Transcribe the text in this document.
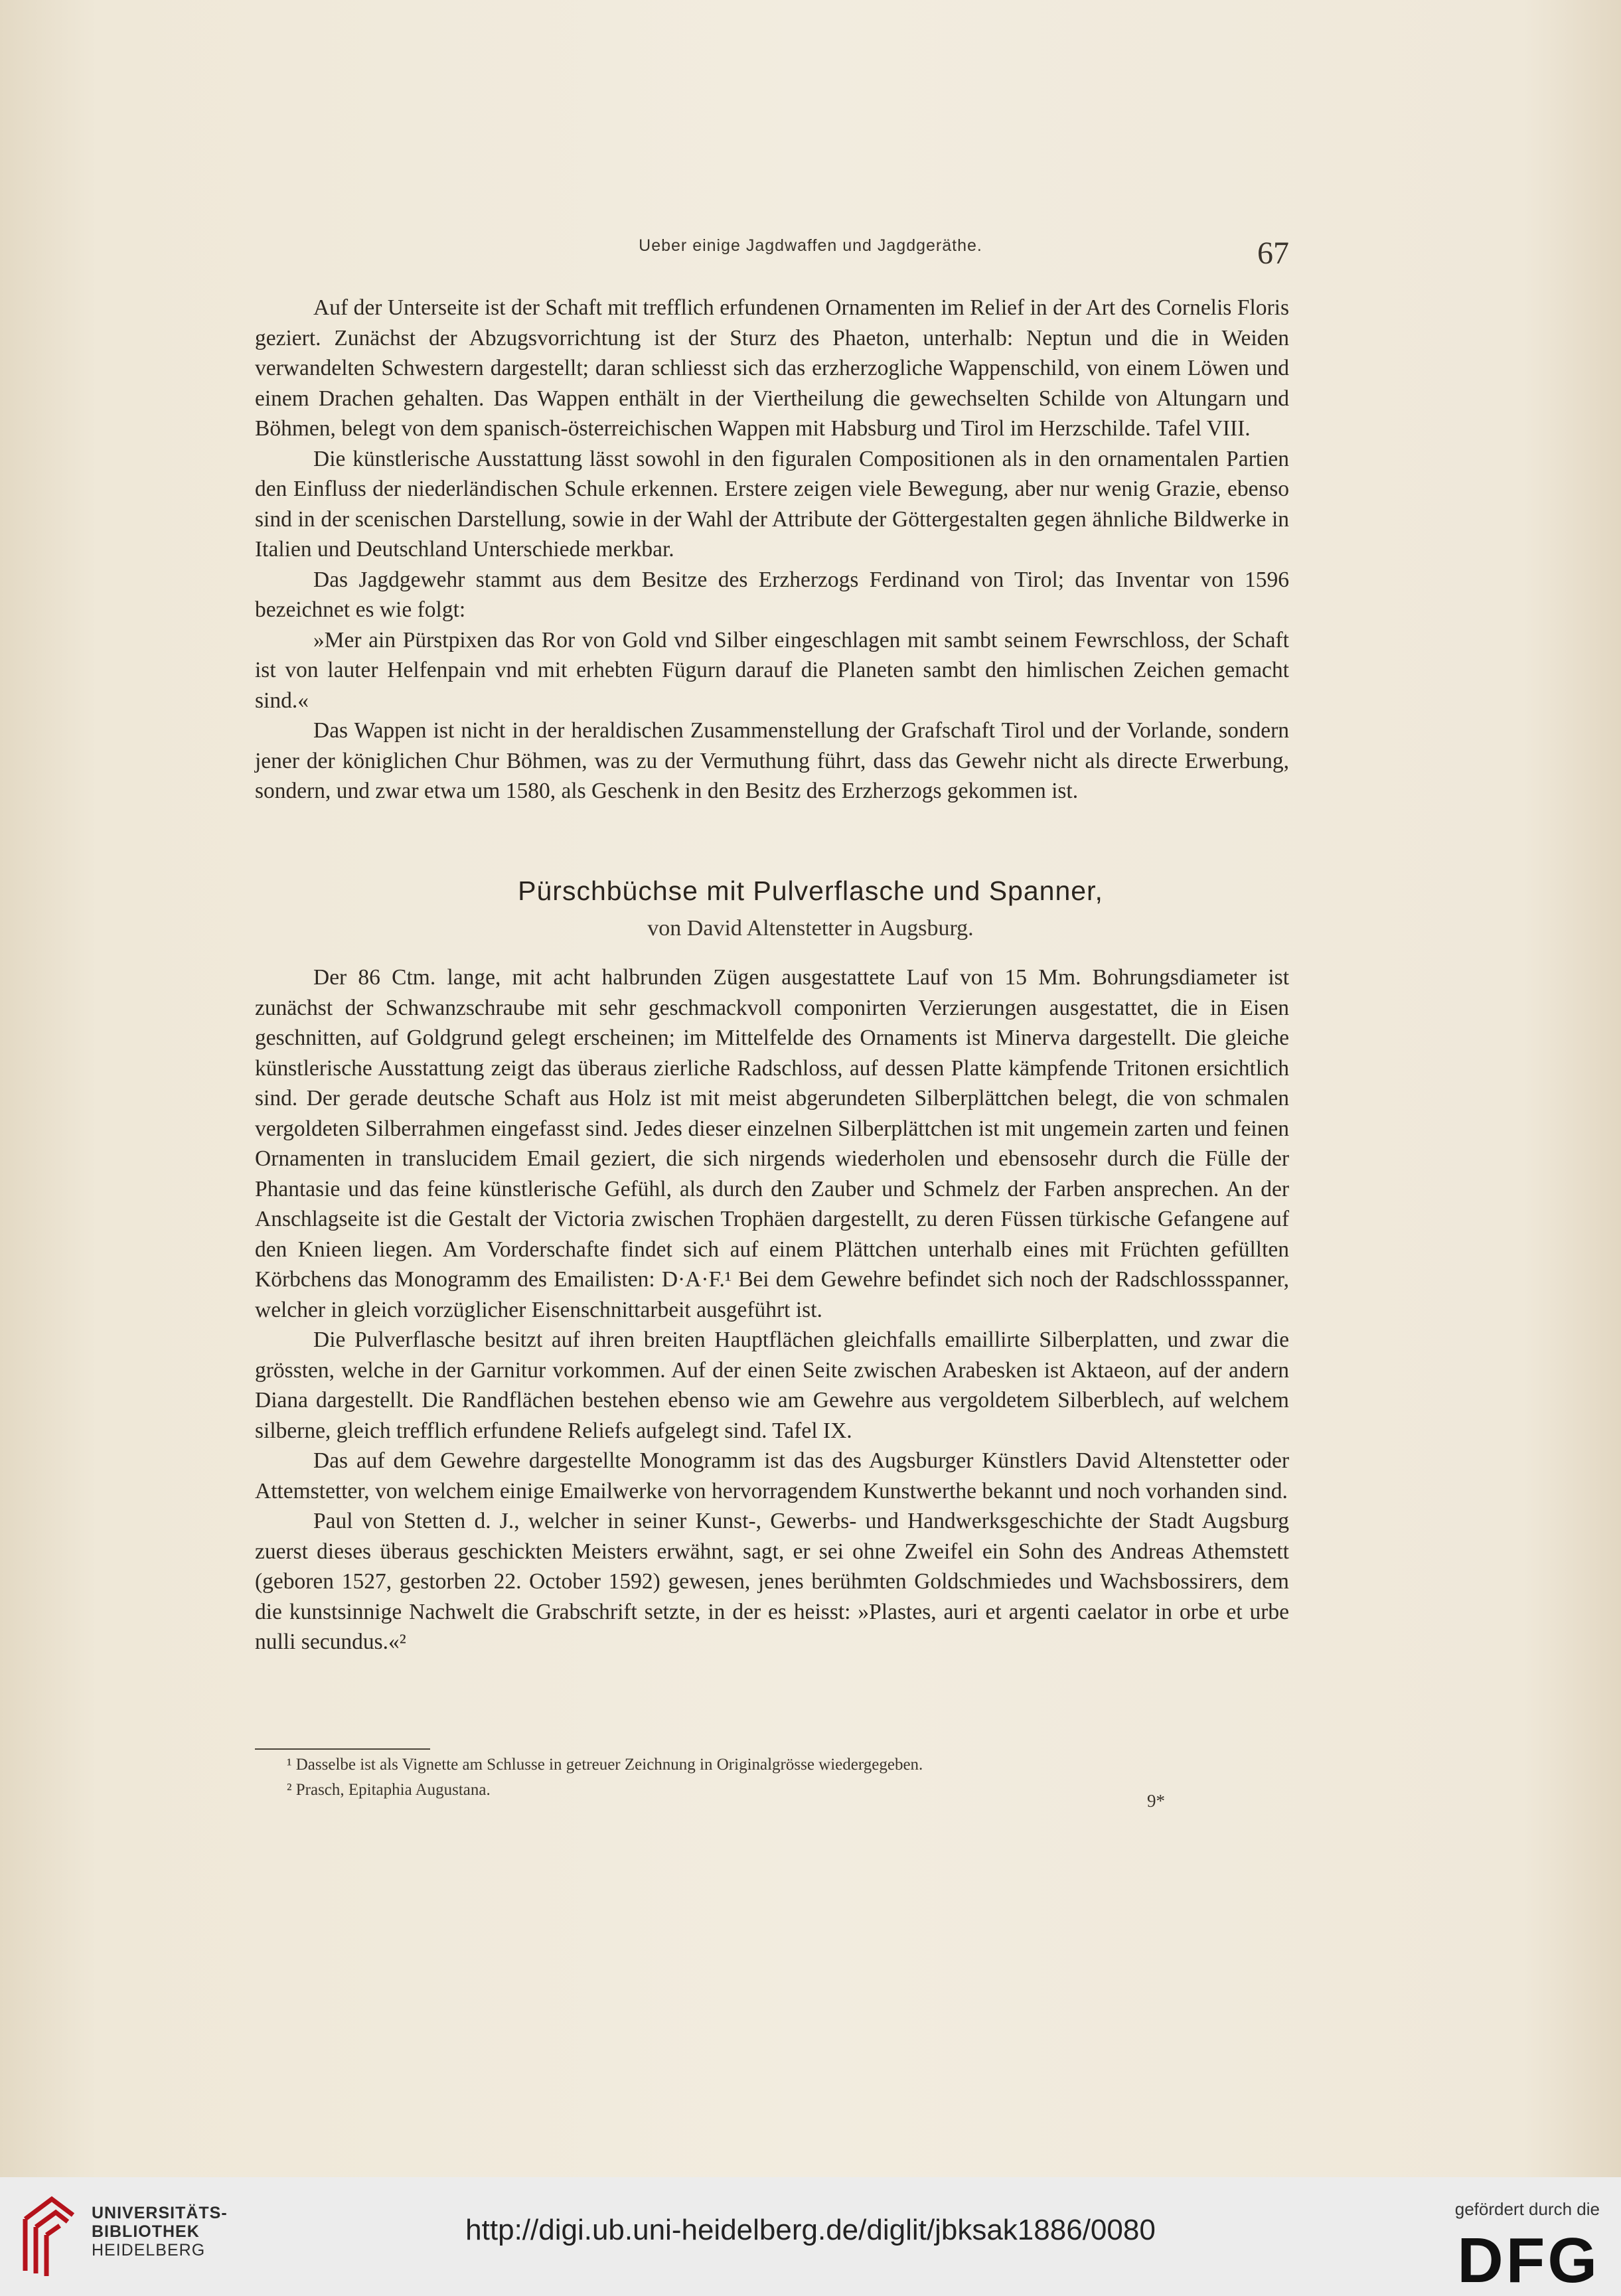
Ueber einige Jagdwaffen und Jagdgeräthe.	67

Auf der Unterseite ist der Schaft mit trefflich erfundenen Ornamenten im Relief in der Art des Cornelis Floris geziert. Zunächst der Abzugsvorrichtung ist der Sturz des Phaeton, unterhalb: Neptun und die in Weiden verwandelten Schwestern dargestellt; daran schliesst sich das erzherzogliche Wappenschild, von einem Löwen und einem Drachen gehalten. Das Wappen enthält in der Viertheilung die gewechselten Schilde von Altungarn und Böhmen, belegt von dem spanisch-österreichischen Wappen mit Habsburg und Tirol im Herzschilde. Tafel VIII.

Die künstlerische Ausstattung lässt sowohl in den figuralen Compositionen als in den ornamentalen Partien den Einfluss der niederländischen Schule erkennen. Erstere zeigen viele Bewegung, aber nur wenig Grazie, ebenso sind in der scenischen Darstellung, sowie in der Wahl der Attribute der Göttergestalten gegen ähnliche Bildwerke in Italien und Deutschland Unterschiede merkbar.

Das Jagdgewehr stammt aus dem Besitze des Erzherzogs Ferdinand von Tirol; das Inventar von 1596 bezeichnet es wie folgt:

»Mer ain Pürstpixen das Ror von Gold vnd Silber eingeschlagen mit sambt seinem Fewrschloss, der Schaft ist von lauter Helfenpain vnd mit erhebten Fügurn darauf die Planeten sambt den himlischen Zeichen gemacht sind.«

Das Wappen ist nicht in der heraldischen Zusammenstellung der Grafschaft Tirol und der Vorlande, sondern jener der königlichen Chur Böhmen, was zu der Vermuthung führt, dass das Gewehr nicht als directe Erwerbung, sondern, und zwar etwa um 1580, als Geschenk in den Besitz des Erzherzogs gekommen ist.

Pürschbüchse mit Pulverflasche und Spanner,
von David Altenstetter in Augsburg.

Der 86 Ctm. lange, mit acht halbrunden Zügen ausgestattete Lauf von 15 Mm. Bohrungsdiameter ist zunächst der Schwanzschraube mit sehr geschmackvoll componirten Verzierungen ausgestattet, die in Eisen geschnitten, auf Goldgrund gelegt erscheinen; im Mittelfelde des Ornaments ist Minerva dargestellt. Die gleiche künstlerische Ausstattung zeigt das überaus zierliche Radschloss, auf dessen Platte kämpfende Tritonen ersichtlich sind. Der gerade deutsche Schaft aus Holz ist mit meist abgerundeten Silberplättchen belegt, die von schmalen vergoldeten Silberrahmen eingefasst sind. Jedes dieser einzelnen Silberplättchen ist mit ungemein zarten und feinen Ornamenten in translucidem Email geziert, die sich nirgends wiederholen und ebensosehr durch die Fülle der Phantasie und das feine künstlerische Gefühl, als durch den Zauber und Schmelz der Farben ansprechen. An der Anschlagseite ist die Gestalt der Victoria zwischen Trophäen dargestellt, zu deren Füssen türkische Gefangene auf den Knieen liegen. Am Vorderschafte findet sich auf einem Plättchen unterhalb eines mit Früchten gefüllten Körbchens das Monogramm des Emailisten: D·A·F.¹ Bei dem Gewehre befindet sich noch der Radschlossspanner, welcher in gleich vorzüglicher Eisenschnittarbeit ausgeführt ist.

Die Pulverflasche besitzt auf ihren breiten Hauptflächen gleichfalls emaillirte Silberplatten, und zwar die grössten, welche in der Garnitur vorkommen. Auf der einen Seite zwischen Arabesken ist Aktaeon, auf der andern Diana dargestellt. Die Randflächen bestehen ebenso wie am Gewehre aus vergoldetem Silberblech, auf welchem silberne, gleich trefflich erfundene Reliefs aufgelegt sind. Tafel IX.

Das auf dem Gewehre dargestellte Monogramm ist das des Augsburger Künstlers David Altenstetter oder Attemstetter, von welchem einige Emailwerke von hervorragendem Kunstwerthe bekannt und noch vorhanden sind.

Paul von Stetten d. J., welcher in seiner Kunst-, Gewerbs- und Handwerksgeschichte der Stadt Augsburg zuerst dieses überaus geschickten Meisters erwähnt, sagt, er sei ohne Zweifel ein Sohn des Andreas Athemstett (geboren 1527, gestorben 22. October 1592) gewesen, jenes berühmten Goldschmiedes und Wachsbossirers, dem die kunstsinnige Nachwelt die Grabschrift setzte, in der es heisst: »Plastes, auri et argenti caelator in orbe et urbe nulli secundus.«²

¹ Dasselbe ist als Vignette am Schlusse in getreuer Zeichnung in Originalgrösse wiedergegeben.

² Prasch, Epitaphia Augustana.

9*
UNIVERSITÄTS-
BIBLIOTHEK
HEIDELBERG
http://digi.ub.uni-heidelberg.de/diglit/jbksak1886/0080
gefördert durch die
DFG
